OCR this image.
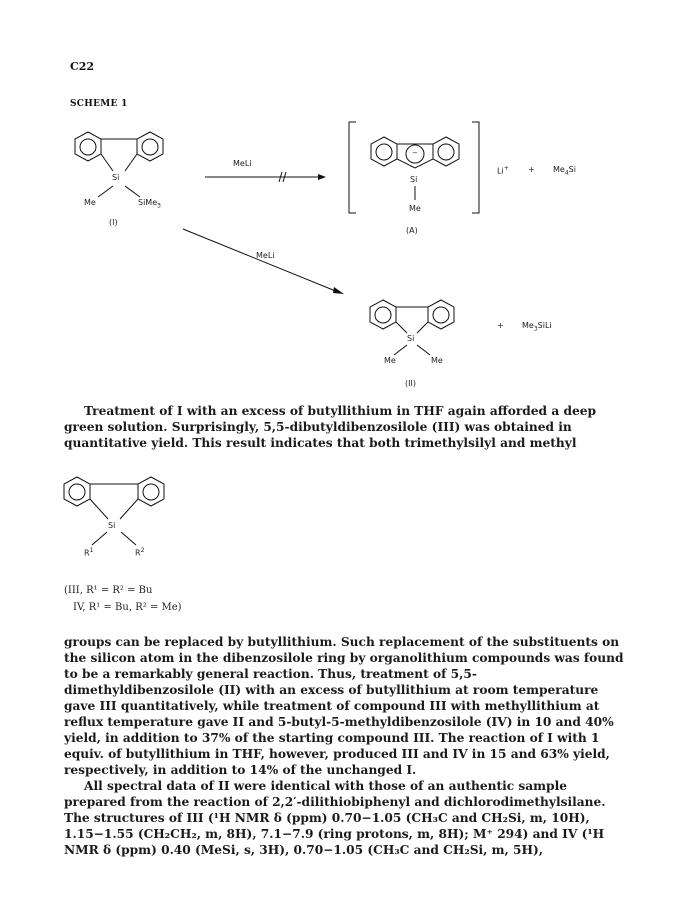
C22
SCHEME 1
Si
Me	SiMe$_3$
(I)
MeLi
−
Si
Me
(A)
$Li^+ + Me_4Si$
MeLi
Si
Me	Me
(II)
+ $Me_3SiLi$

Treatment of I with an excess of butyllithium in THF again afforded a deep green solution. Surprisingly, 5,5-dibutyldibenzosilole (III) was obtained in quantitative yield. This result indicates that both trimethylsilyl and methyl

Si
$R^1$	$R^2$
(III, R¹ = R² = Bu
IV, R¹ = Bu, R² = Me)

groups can be replaced by butyllithium. Such replacement of the substituents on the silicon atom in the dibenzosilole ring by organolithium compounds was found to be a remarkably general reaction. Thus, treatment of 5,5-dimethyldibenzosilole (II) with an excess of butyllithium at room temperature gave III quantitatively, while treatment of compound III with methyllithium at reflux temperature gave II and 5-butyl-5-methyldibenzosilole (IV) in 10 and 40% yield, in addition to 37% of the starting compound III. The reaction of I with 1 equiv. of butyllithium in THF, however, produced III and IV in 15 and 63% yield, respectively, in addition to 14% of the unchanged I.

All spectral data of II were identical with those of an authentic sample prepared from the reaction of 2,2′-dilithiobiphenyl and dichlorodimethylsilane. The structures of III (¹H NMR δ (ppm) 0.70−1.05 (CH₃C and CH₂Si, m, 10H), 1.15−1.55 (CH₂CH₂, m, 8H), 7.1−7.9 (ring protons, m, 8H); M⁺ 294) and IV (¹H NMR δ (ppm) 0.40 (MeSi, s, 3H), 0.70−1.05 (CH₃C and CH₂Si, m, 5H),
